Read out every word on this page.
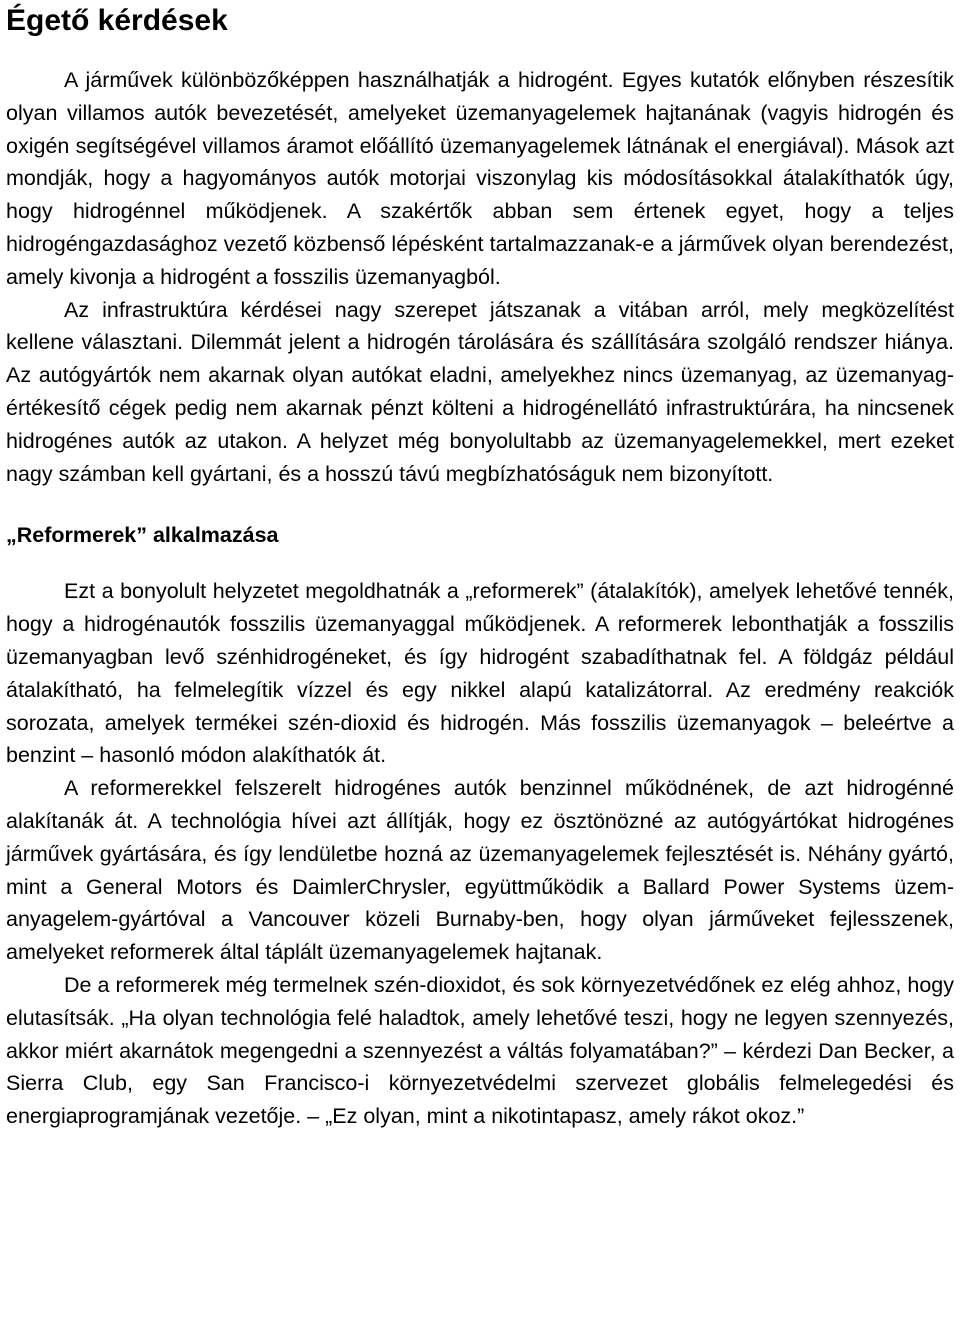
Égető kérdések

A járművek különbözőképpen használhatják a hidrogént. Egyes kutatók előnyben részesítik olyan villamos autók bevezetését, amelyeket üzemanyagelemek hajtanának (vagyis hidrogén és oxigén segítségével villamos áramot előállító üzemanyagelemek látnának el energiával). Mások azt mondják, hogy a hagyományos autók motorjai viszonylag kis módosításokkal átalakíthatók úgy, hogy hidrogénnel működjenek. A szakértők abban sem értenek egyet, hogy a teljes hidrogéngazdasághoz vezető közbenső lépésként tartalmazzanak-e a járművek olyan berendezést, amely kivonja a hidrogént a fosszilis üzemanyagból.

Az infrastruktúra kérdései nagy szerepet játszanak a vitában arról, mely megközelítést kellene választani. Dilemmát jelent a hidrogén tárolására és szállítására szolgáló rendszer hiánya. Az autógyártók nem akarnak olyan autókat eladni, amelyekhez nincs üzemanyag, az üzemanyag-értékesítő cégek pedig nem akarnak pénzt költeni a hidrogénellátó infrastruktúrára, ha nincsenek hidrogénes autók az utakon. A helyzet még bonyolultabb az üzemanyagelemekkel, mert ezeket nagy számban kell gyártani, és a hosszú távú megbízhatóságuk nem bizonyított.

„Reformerek” alkalmazása

Ezt a bonyolult helyzetet megoldhatnák a „reformerek” (átalakítók), amelyek lehetővé tennék, hogy a hidrogénautók fosszilis üzemanyaggal működjenek. A reformerek lebonthatják a fosszilis üzemanyagban levő szénhidrogéneket, és így hidrogént szabadíthatnak fel. A földgáz például átalakítható, ha felmelegítik vízzel és egy nikkel alapú katalizátorral. Az eredmény reakciók sorozata, amelyek termékei szén-dioxid és hidrogén. Más fosszilis üzemanyagok – beleértve a benzint – hasonló módon alakíthatók át.

A reformerekkel felszerelt hidrogénes autók benzinnel működnének, de azt hidrogénné alakítanák át. A technológia hívei azt állítják, hogy ez ösztönözné az autógyártókat hidrogénes járművek gyártására, és így lendületbe hozná az üzemanyagelemek fejlesztését is. Néhány gyártó, mint a General Motors és DaimlerChrysler, együttműködik a Ballard Power Systems üzemanyagelem-gyártóval a Vancouver közeli Burnaby-ben, hogy olyan járműveket fejlesszenek, amelyeket reformerek által táplált üzemanyagelemek hajtanak.

De a reformerek még termelnek szén-dioxidot, és sok környezetvédőnek ez elég ahhoz, hogy elutasítsák. „Ha olyan technológia felé haladtok, amely lehetővé teszi, hogy ne legyen szennyezés, akkor miért akarnátok megengedni a szennyezést a váltás folyamatában?” – kérdezi Dan Becker, a Sierra Club, egy San Francisco-i környezetvédelmi szervezet globális felmelegedési és energiaprogramjának vezetője. – „Ez olyan, mint a nikotintapasz, amely rákot okoz.”
